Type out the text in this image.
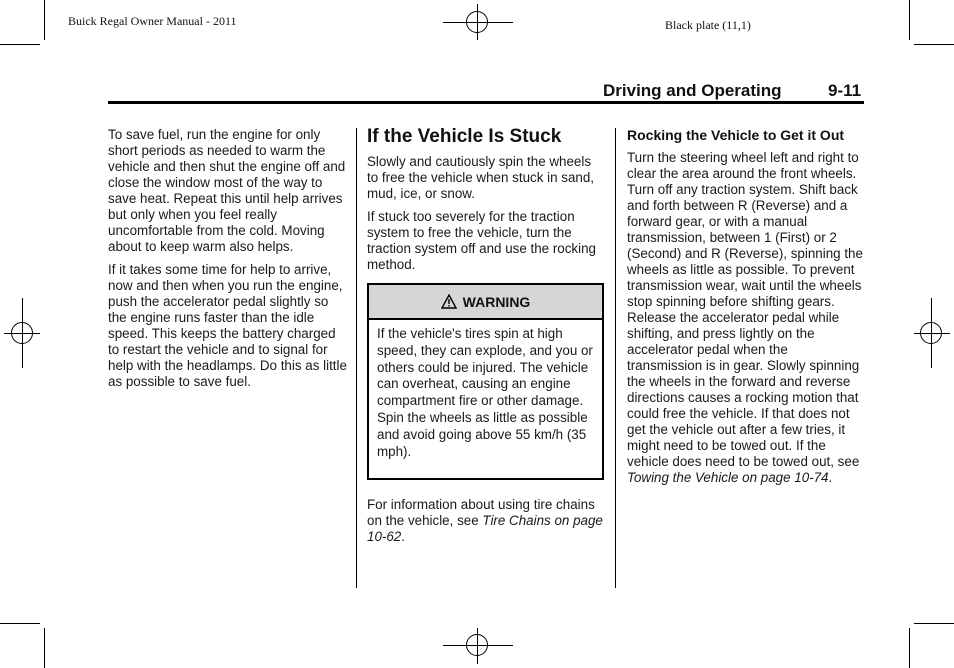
Buick Regal Owner Manual - 2011	Black plate (11,1)
Driving and Operating	9-11

To save fuel, run the engine for only short periods as needed to warm the vehicle and then shut the engine off and close the window most of the way to save heat. Repeat this until help arrives but only when you feel really uncomfortable from the cold. Moving about to keep warm also helps.

If it takes some time for help to arrive, now and then when you run the engine, push the accelerator pedal slightly so the engine runs faster than the idle speed. This keeps the battery charged to restart the vehicle and to signal for help with the headlamps. Do this as little as possible to save fuel.

If the Vehicle Is Stuck

Slowly and cautiously spin the wheels to free the vehicle when stuck in sand, mud, ice, or snow.

If stuck too severely for the traction system to free the vehicle, turn the traction system off and use the rocking method.

WARNING
If the vehicle's tires spin at high speed, they can explode, and you or others could be injured. The vehicle can overheat, causing an engine compartment fire or other damage. Spin the wheels as little as possible and avoid going above 55 km/h (35 mph).

For information about using tire chains on the vehicle, see Tire Chains on page 10-62.

Rocking the Vehicle to Get it Out

Turn the steering wheel left and right to clear the area around the front wheels. Turn off any traction system. Shift back and forth between R (Reverse) and a forward gear, or with a manual transmission, between 1 (First) or 2 (Second) and R (Reverse), spinning the wheels as little as possible. To prevent transmission wear, wait until the wheels stop spinning before shifting gears. Release the accelerator pedal while shifting, and press lightly on the accelerator pedal when the transmission is in gear. Slowly spinning the wheels in the forward and reverse directions causes a rocking motion that could free the vehicle. If that does not get the vehicle out after a few tries, it might need to be towed out. If the vehicle does need to be towed out, see Towing the Vehicle on page 10-74.
